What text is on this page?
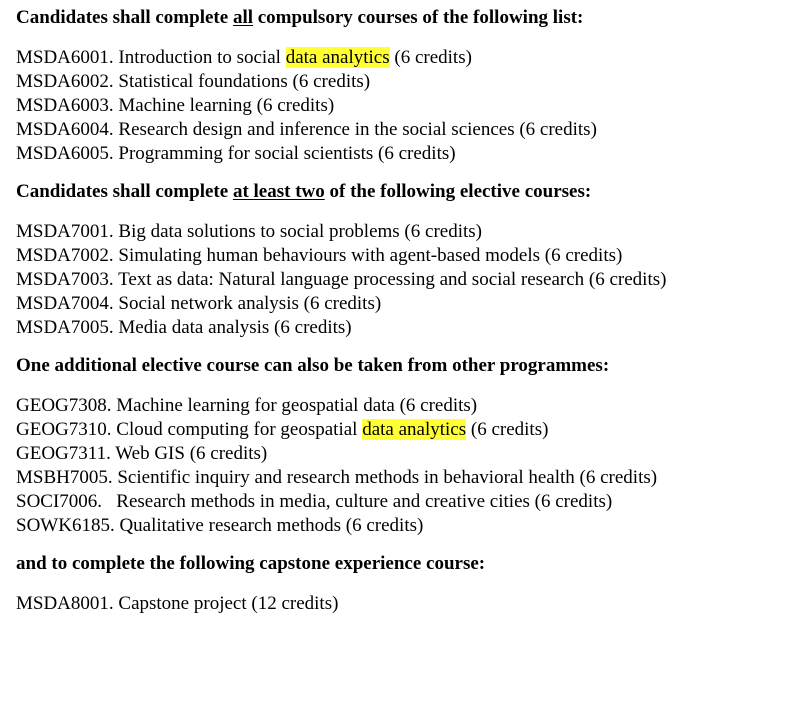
Candidates shall complete all compulsory courses of the following list:

MSDA6001. Introduction to social data analytics (6 credits)
MSDA6002. Statistical foundations (6 credits)
MSDA6003. Machine learning (6 credits)
MSDA6004. Research design and inference in the social sciences (6 credits)
MSDA6005. Programming for social scientists (6 credits)

Candidates shall complete at least two of the following elective courses:

MSDA7001. Big data solutions to social problems (6 credits)
MSDA7002. Simulating human behaviours with agent-based models (6 credits)
MSDA7003. Text as data: Natural language processing and social research (6 credits)
MSDA7004. Social network analysis (6 credits)
MSDA7005. Media data analysis (6 credits)

One additional elective course can also be taken from other programmes:

GEOG7308. Machine learning for geospatial data (6 credits)
GEOG7310. Cloud computing for geospatial data analytics (6 credits)
GEOG7311. Web GIS (6 credits)
MSBH7005. Scientific inquiry and research methods in behavioral health (6 credits)
SOCI7006.   Research methods in media, culture and creative cities (6 credits)
SOWK6185. Qualitative research methods (6 credits)

and to complete the following capstone experience course:

MSDA8001. Capstone project (12 credits)
